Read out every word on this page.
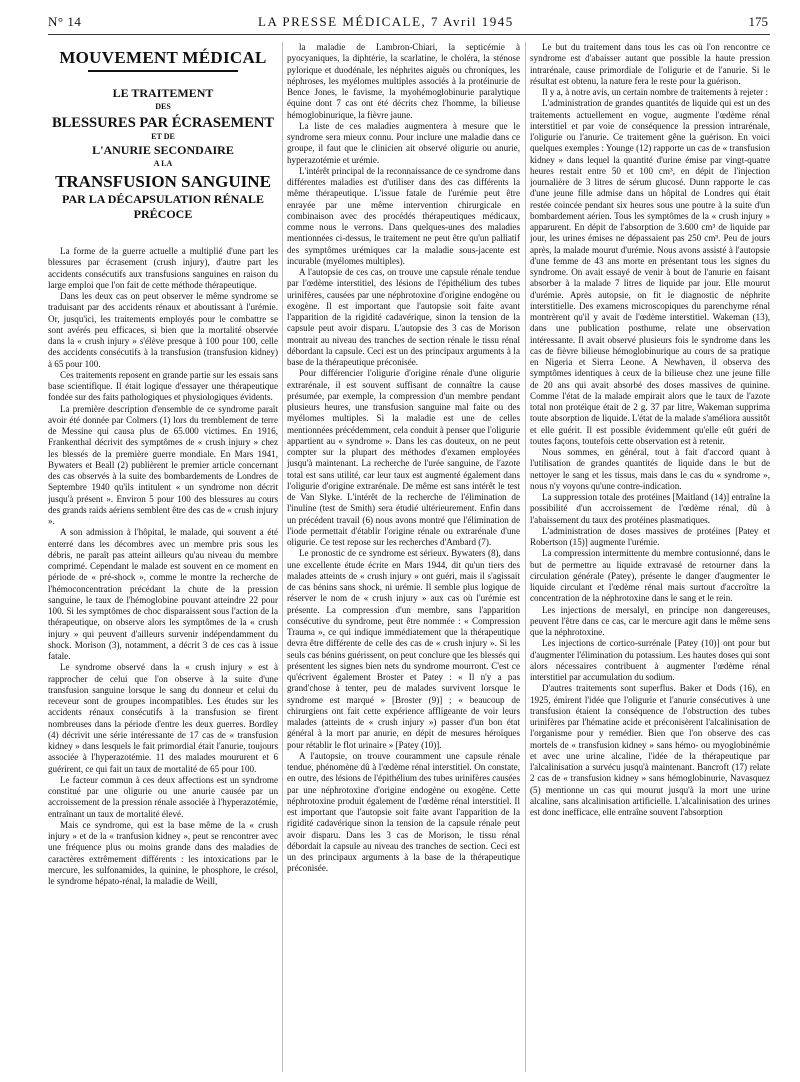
N° 14	LA PRESSE MÉDICALE, 7 Avril 1945	175
MOUVEMENT MÉDICAL
LE TRAITEMENT
DES
BLESSURES PAR ÉCRASEMENT
ET DE
L'ANURIE SECONDAIRE
A LA
TRANSFUSION SANGUINE
PAR LA DÉCAPSULATION RÉNALE
PRÉCOCE

La forme de la guerre actuelle a multiplié d'une part les blessures par écrasement (crush injury), d'autre part les accidents consécutifs aux transfusions sanguines en raison du large emploi que l'on fait de cette méthode thérapeutique.

Dans les deux cas on peut observer le même syndrome se traduisant par des accidents rénaux et aboutissant à l'urémie. Or, jusqu'ici, les traitements employés pour le combattre se sont avérés peu efficaces, si bien que la mortalité observée dans la « crush injury » s'élève presque à 100 pour 100, celle des accidents consécutifs à la transfusion (transfusion kidney) à 65 pour 100.

Ces traitements reposent en grande partie sur les essais sans base scientifique. Il était logique d'essayer une thérapeutique fondée sur des faits pathologiques et physiologiques évidents.

La première description d'ensemble de ce syndrome paraît avoir été donnée par Colmers (1) lors du tremblement de terre de Messine qui causa plus de 65.000 victimes. En 1916, Frankenthal décrivit des symptômes de « crush injury » chez les blessés de la première guerre mondiale. En Mars 1941, Bywaters et Beall (2) publièrent le premier article concernant des cas observés à la suite des bombardements de Londres de Septembre 1940 qu'ils intitulent « un syndrome non décrit jusqu'à présent ». Environ 5 pour 100 des blessures au cours des grands raids aériens semblent être des cas de « crush injury ».

A son admission à l'hôpital, le malade, qui souvent a été enterré dans les décombres avec un membre pris sous les débris, ne paraît pas atteint ailleurs qu'au niveau du membre comprimé. Cependant le malade est souvent en ce moment en période de « pré-shock », comme le montre la recherche de l'hémoconcentration précédant la chute de la pression sanguine, le taux de l'hémoglobine pouvant atteindre 22 pour 100. Si les symptômes de choc disparaissent sous l'action de la thérapeutique, on observe alors les symptômes de la « crush injury » qui peuvent d'ailleurs survenir indépendamment du shock. Morison (3), notamment, a décrit 3 de ces cas à issue fatale.

Le syndrome observé dans la « crush injury » est à rapprocher de celui que l'on observe à la suite d'une transfusion sanguine lorsque le sang du donneur et celui du receveur sont de groupes incompatibles. Les études sur les accidents rénaux consécutifs à la transfusion se firent nombreuses dans la période d'entre les deux guerres. Bordley (4) décrivit une série intéressante de 17 cas de « transfusion kidney » dans lesquels le fait primordial était l'anurie, toujours associée à l'hyperazotémie. 11 des malades moururent et 6 guérirent, ce qui fait un taux de mortalité de 65 pour 100.

Le facteur commun à ces deux affections est un syndrome constitué par une oligurie ou une anurie causée par un accroissement de la pression rénale associée à l'hyperazotémie, entraînant un taux de mortalité élevé.

Mais ce syndrome, qui est la base même de la « crush injury » et de la « tranfusion kidney », peut se rencontrer avec une fréquence plus ou moins grande dans des maladies de caractères extrêmement différents : les intoxications par le mercure, les sulfonamides, la quinine, le phosphore, le crésol, le syndrome hépato-rénal, la maladie de Weill,

la maladie de Lambron-Chiari, la septicémie à pyocyaniques, la diphtérie, la scarlatine, le choléra, la sténose pylorique et duodénale, les néphrites aiguës ou chroniques, les néphroses, les myélomes multiples associés à la protéinurie de Bence Jones, le favisme, la myohémoglobinurie paralytique équine dont 7 cas ont été décrits chez l'homme, la bilieuse hémoglobinurique, la fièvre jaune.

La liste de ces maladies augmentera à mesure que le syndrome sera mieux connu. Pour inclure une maladie dans ce groupe, il faut que le clinicien ait observé oligurie ou anurie, hyperazotémie et urémie.

L'intérêt principal de la reconnaissance de ce syndrome dans différentes maladies est d'utiliser dans des cas différents la même thérapeutique. L'issue fatale de l'urémie peut être enrayée par une même intervention chirurgicale en combinaison avec des procédés thérapeutiques médicaux, comme nous le verrons. Dans quelques-unes des maladies mentionnées ci-dessus, le traitement ne peut être qu'un palliatif des symptômes urémiques car la maladie sous-jacente est incurable (myélomes multiples).

A l'autopsie de ces cas, on trouve une capsule rénale tendue par l'œdème interstitiel, des lésions de l'épithélium des tubes urinifères, causées par une néphrotoxine d'origine endogène ou exogène. Il est important que l'autopsie soit faite avant l'apparition de la rigidité cadavérique, sinon la tension de la capsule peut avoir disparu. L'autopsie des 3 cas de Morison montrait au niveau des tranches de section rénale le tissu rénal débordant la capsule. Ceci est un des principaux arguments à la base de la thérapeutique préconisée.

Pour différencier l'oligurie d'origine rénale d'une oligurie extrarénale, il est souvent suffisant de connaître la cause présumée, par exemple, la compression d'un membre pendant plusieurs heures, une transfusion sanguine mal faite ou des myélomes multiples. Si la maladie est une de celles mentionnées précédemment, cela conduit à penser que l'oligurie appartient au « syndrome ». Dans les cas douteux, on ne peut compter sur la plupart des méthodes d'examen employées jusqu'à maintenant. La recherche de l'urée sanguine, de l'azote total est sans utilité, car leur taux est augmenté également dans l'oligurie d'origine extrarénale. De même est sans intérêt le test de Van Slyke. L'intérêt de la recherche de l'élimination de l'inuline (test de Smith) sera étudié ultérieurement. Enfin dans un précédent travail (6) nous avons montré que l'élimination de l'iode permettait d'établir l'origine rénale ou extrarénale d'une oligurie. Ce test repose sur les recherches d'Ambard (7).

Le pronostic de ce syndrome est sérieux. Bywaters (8), dans une excellente étude écrite en Mars 1944, dit qu'un tiers des malades atteints de « crush injury » ont guéri, mais il s'agissait de cas bénins sans shock, ni urémie. Il semble plus logique de réserver le nom de « crush injury » aux cas où l'urémie est présente. La compression d'un membre, sans l'apparition consécutive du syndrome, peut être nommée : « Compression Trauma », ce qui indique immédiatement que la thérapeutique devra être différente de celle des cas de « crush injury ». Si les seuls cas bénins guérissent, on peut conclure que les blessés qui présentent les signes bien nets du syndrome mourront. C'est ce qu'écrivent également Broster et Patey : « Il n'y a pas grand'chose à tenter, peu de malades survivent lorsque le syndrome est marqué » [Broster (9)] ; « beaucoup de chirurgiens ont fait cette expérience affligeante de voir leurs malades (atteints de « crush injury ») passer d'un bon état général à la mort par anurie, en dépit de mesures héroïques pour rétablir le flot urinaire » [Patey (10)].

A l'autopsie, on trouve couramment une capsule rénale tendue, phénomène dû à l'œdème rénal interstitiel. On constate, en outre, des lésions de l'épithélium des tubes urinifères causées par une néphrotoxine d'origine endogène ou exogène. Cette néphrotoxine produit également de l'œdème rénal interstitiel. Il est important que l'autopsie soit faite avant l'apparition de la rigidité cadavérique sinon la tension de la capsule rénale peut avoir disparu. Dans les 3 cas de Morison, le tissu rénal débordait la capsule au niveau des tranches de section. Ceci est un des principaux arguments à la base de la thérapeutique préconisée.

Le but du traitement dans tous les cas où l'on rencontre ce syndrome est d'abaisser autant que possible la haute pression intrarénale, cause primordiale de l'oligurie et de l'anurie. Si le résultat est obtenu, la nature fera le reste pour la guérison.

Il y a, à notre avis, un certain nombre de traitements à rejeter :

L'administration de grandes quantités de liquide qui est un des traitements actuellement en vogue, augmente l'œdème rénal interstitiel et par voie de conséquence la pression intrarénale, l'oligurie ou l'anurie. Ce traitement gêne la guérison. En voici quelques exemples : Younge (12) rapporte un cas de « transfusion kidney » dans lequel la quantité d'urine émise par vingt-quatre heures restait entre 50 et 100 cm³, en dépit de l'injection journalière de 3 litres de sérum glucosé. Dunn rapporte le cas d'une jeune fille admise dans un hôpital de Londres qui était restée coincée pendant six heures sous une poutre à la suite d'un bombardement aérien. Tous les symptômes de la « crush injury » apparurent. En dépit de l'absorption de 3.600 cm³ de liquide par jour, les urines émises ne dépassaient pas 250 cm³. Peu de jours après, la malade mourut d'urémie. Nous avons assisté à l'autopsie d'une femme de 43 ans morte en présentant tous les signes du syndrome. On avait essayé de venir à bout de l'anurie en faisant absorber à la malade 7 litres de liquide par jour. Elle mourut d'urémie. Après autopsie, on fit le diagnostic de néphrite interstitielle. Des examens microscopiques du parenchyme rénal montrèrent qu'il y avait de l'œdème interstitiel. Wakeman (13), dans une publication posthume, relate une observation intéressante. Il avait observé plusieurs fois le syndrome dans les cas de fièvre bilieuse hémoglobinurique au cours de sa pratique en Nigeria et Sierra Leone. A Newhaven, il observa des symptômes identiques à ceux de la bilieuse chez une jeune fille de 20 ans qui avait absorbé des doses massives de quinine. Comme l'état de la malade empirait alors que le taux de l'azote total non protéique était de 2 g. 37 par litre, Wakeman supprima toute absorption de liquide. L'état de la malade s'améliora aussitôt et elle guérit. Il est possible évidemment qu'elle eût guéri de toutes façons, toutefois cette observation est à retenir.

Nous sommes, en général, tout à fait d'accord quant à l'utilisation de grandes quantités de liquide dans le but de nettoyer le sang et les tissus, mais dans le cas du « syndrome », nous n'y voyons qu'une contre-indication.

La suppression totale des protéines [Maitland (14)] entraîne la possibilité d'un accroissement de l'œdème rénal, dû à l'abaissement du taux des protéines plasmatiques.

L'administration de doses massives de protéines [Patey et Robertson (15)] augmente l'urémie.

La compression intermittente du membre contusionné, dans le but de permettre au liquide extravasé de retourner dans la circulation générale (Patey), présente le danger d'augmenter le liquide circulant et l'œdème rénal mais surtout d'accroître la concentration de la néphrotoxine dans le sang et le rein.

Les injections de mersalyl, en principe non dangereuses, peuvent l'être dans ce cas, car le mercure agit dans le même sens que la néphrotoxine.

Les injections de cortico-surrénale [Patey (10)] ont pour but d'augmenter l'élimination du potassium. Les hautes doses qui sont alors nécessaires contribuent à augmenter l'œdème rénal interstitiel par accumulation du sodium.

D'autres traitements sont superflus. Baker et Dods (16), en 1925, émirent l'idée que l'oligurie et l'anurie consécutives à une transfusion étaient la conséquence de l'obstruction des tubes urinifères par l'hématine acide et préconisèrent l'alcalinisation de l'organisme pour y remédier. Bien que l'on observe des cas mortels de « transfusion kidney » sans hémo- ou myoglobinémie et avec une urine alcaline, l'idée de la thérapeutique par l'alcalinisation a survécu jusqu'à maintenant. Bancroft (17) relate 2 cas de « transfusion kidney » sans hémoglobinurie, Navasquez (5) mentionne un cas qui mourut jusqu'à la mort une urine alcaline, sans alcalinisation artificielle. L'alcalinisation des urines est donc inefficace, elle entraîne souvent l'absorption
